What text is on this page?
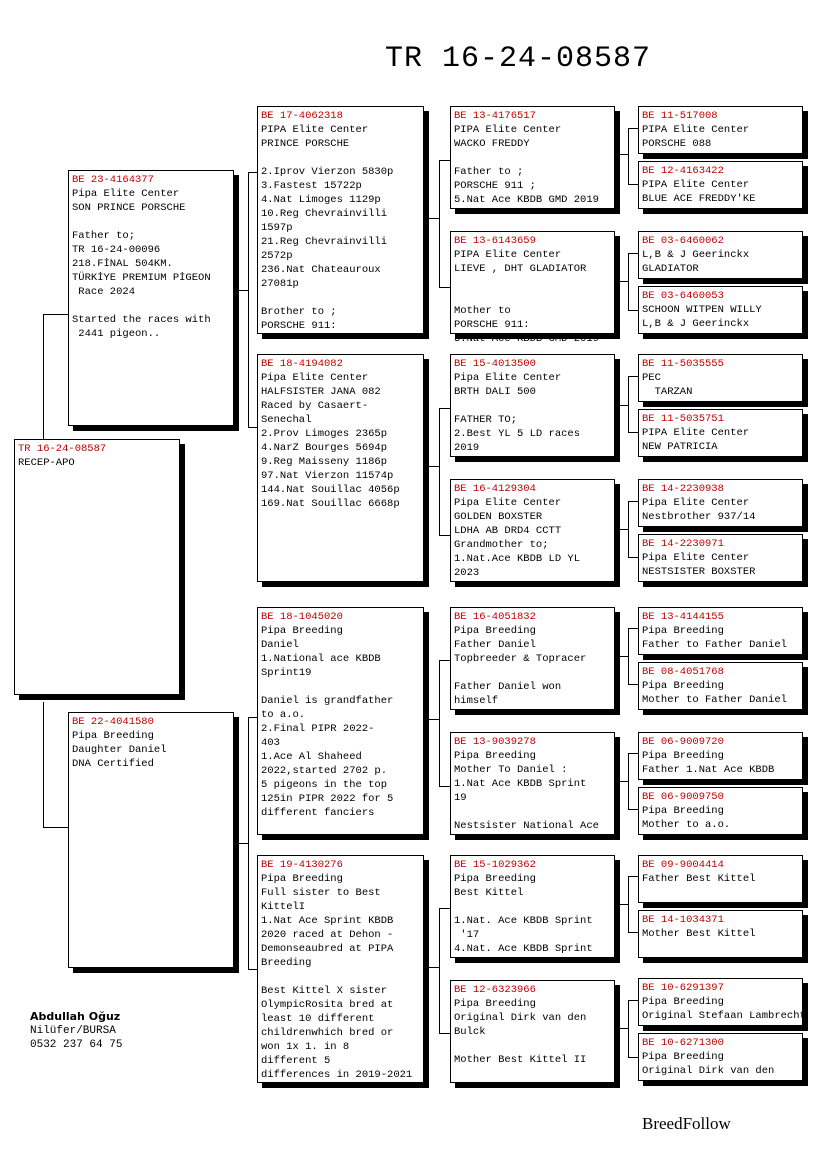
TR 16-24-08587
TR 16-24-08587
RECEP-APO
BE 23-4164377
Pipa Elite Center
SON PRINCE PORSCHE

Father to;
TR 16-24-00096
218.FİNAL 504KM.
TÜRKİYE PREMIUM PİGEON
Race 2024

Started the races with
2441 pigeon..
BE 22-4041580
Pipa Breeding
Daughter Daniel
DNA Certified
BE 17-4062318
PIPA Elite Center
PRINCE PORSCHE

2.Iprov Vierzon 5830p
3.Fastest 15722p
4.Nat Limoges 1129p
10.Reg Chevrainvilli
1597p
21.Reg Chevrainvilli
2572p
236.Nat Chateauroux
27081p

Brother to ;
PORSCHE 911:
BE 18-4194082
Pipa Elite Center
HALFSISTER JANA 082
Raced by Casaert-
Senechal
2.Prov Limoges 2365p
4.NarZ Bourges 5694p
9.Reg Maisseny 1186p
97.Nat Vierzon 11574p
144.Nat Souillac 4056p
169.Nat Souillac 6668p
BE 18-1045020
Pipa Breeding
Daniel
1.National ace KBDB
Sprint19

Daniel is grandfather
to a.o.
2.Final PIPR 2022-
403
1.Ace Al Shaheed
2022,started 2702 p.
5 pigeons in the top
125in PIPR 2022 for 5
different fanciers
BE 19-4130276
Pipa Breeding
Full sister to Best
KittelI
1.Nat Ace Sprint KBDB
2020 raced at Dehon -
Demonseaubred at PIPA
Breeding

Best Kittel X sister
OlympicRosita bred at
least 10 different
childrenwhich bred or
won 1x 1. in 8
different 5
differences in 2019-2021
BE 13-4176517
PIPA Elite Center
WACKO FREDDY

Father to ;
PORSCHE 911 ;
5.Nat Ace KBDB GMD 2019
BE 13-6143659
PIPA Elite Center
LIEVE , DHT GLADIATOR

Mother to
PORSCHE 911:
5.Nat Ace KBDB GMD 2019
BE 15-4013500
Pipa Elite Center
BRTH DALI 500

FATHER TO;
2.Best YL 5 LD races
2019
BE 16-4129304
Pipa Elite Center
GOLDEN BOXSTER
LDHA AB DRD4 CCTT
Grandmother to;
1.Nat.Ace KBDB LD YL
2023
BE 16-4051832
Pipa Breeding
Father Daniel
Topbreeder & Topracer

Father Daniel won
himself
BE 13-9039278
Pipa Breeding
Mother To Daniel :
1.Nat Ace KBDB Sprint
19

Nestsister National Ace
BE 15-1029362
Pipa Breeding
Best Kittel

1.Nat. Ace KBDB Sprint
'17
4.Nat. Ace KBDB Sprint
BE 12-6323966
Pipa Breeding
Original Dirk van den
Bulck

Mother Best Kittel II
BE 11-517008
PIPA Elite Center
PORSCHE 088
BE 12-4163422
PIPA Elite Center
BLUE ACE FREDDY'KE
BE 03-6460062
L,B & J Geerinckx
GLADIATOR
BE 03-6460053
SCHOON WITPEN WILLY
L,B & J Geerinckx
BE 11-5035555
PEC
TARZAN
BE 11-5035751
PIPA Elite Center
NEW PATRICIA
BE 14-2230938
Pipa Elite Center
Nestbrother 937/14
BE 14-2230971
Pipa Elite Center
NESTSISTER BOXSTER
BE 13-4144155
Pipa Breeding
Father to Father Daniel
BE 08-4051768
Pipa Breeding
Mother to Father Daniel
BE 06-9009720
Pipa Breeding
Father 1.Nat Ace KBDB
BE 06-9009750
Pipa Breeding
Mother to a.o.
BE 09-9004414
Father Best Kittel
BE 14-1034371
Mother Best Kittel
BE 10-6291397
Pipa Breeding
Original Stefaan Lambrecht
BE 10-6271300
Pipa Breeding
Original Dirk van den
Abdullah Oğuz
Nilüfer/BURSA
0532 237 64 75
BreedFollow
